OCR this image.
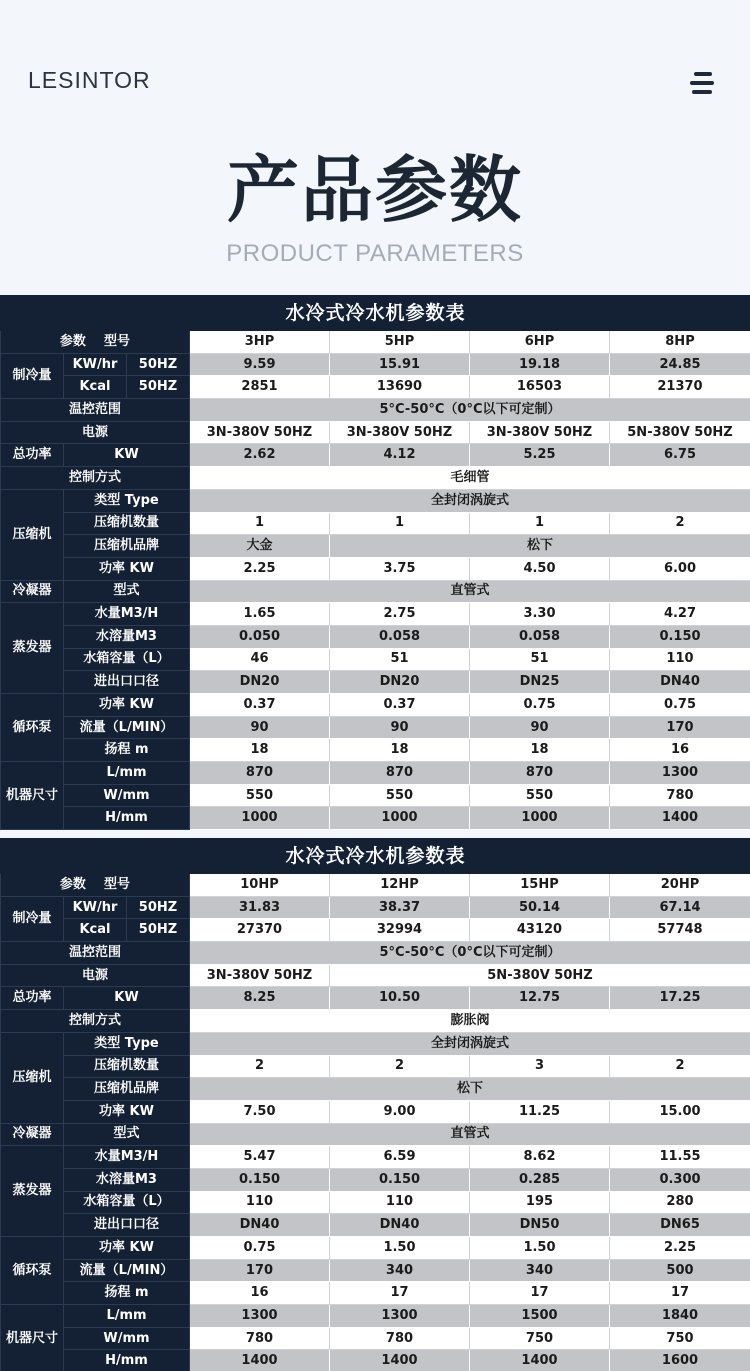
LESINTOR
产品参数
PRODUCT PARAMETERS
水冷式冷水机参数表						
参数 型号			3HP	5HP	6HP	8HP
制冷量	KW/hr	50HZ	9.59	15.91	19.18	24.85
	Kcal	50HZ	2851	13690	16503	21370
温控范围			5°C-50°C（0°C以下可定制）			
电源			3N-380V 50HZ	3N-380V 50HZ	3N-380V 50HZ	5N-380V 50HZ
总功率	KW		2.62	4.12	5.25	6.75
控制方式			毛细管			
压缩机	类型 Type		全封闭涡旋式			
	压缩机数量		1	1	1	2
	压缩机品牌		大金	松下		
	功率 KW		2.25	3.75	4.50	6.00
冷凝器	型式		直管式			
蒸发器	水量M3/H		1.65	2.75	3.30	4.27
	水溶量M3		0.050	0.058	0.058	0.150
	水箱容量（L）		46	51	51	110
	进出口口径		DN20	DN20	DN25	DN40
循环泵	功率 KW		0.37	0.37	0.75	0.75
	流量（L/MIN）		90	90	90	170
	扬程 m		18	18	18	16
机器尺寸	L/mm		870	870	870	1300
	W/mm		550	550	550	780
	H/mm		1000	1000	1000	1400
水冷式冷水机参数表						
参数 型号			10HP	12HP	15HP	20HP
制冷量	KW/hr	50HZ	31.83	38.37	50.14	67.14
	Kcal	50HZ	27370	32994	43120	57748
温控范围			5°C-50°C（0°C以下可定制）			
电源			3N-380V 50HZ	5N-380V 50HZ		
总功率	KW		8.25	10.50	12.75	17.25
控制方式			膨胀阀			
压缩机	类型 Type		全封闭涡旋式			
	压缩机数量		2	2	3	2
	压缩机品牌		松下			
	功率 KW		7.50	9.00	11.25	15.00
冷凝器	型式		直管式			
蒸发器	水量M3/H		5.47	6.59	8.62	11.55
	水溶量M3		0.150	0.150	0.285	0.300
	水箱容量（L）		110	110	195	280
	进出口口径		DN40	DN40	DN50	DN65
循环泵	功率 KW		0.75	1.50	1.50	2.25
	流量（L/MIN）		170	340	340	500
	扬程 m		16	17	17	17
机器尺寸	L/mm		1300	1300	1500	1840
	W/mm		780	780	750	750
	H/mm		1400	1400	1400	1600
